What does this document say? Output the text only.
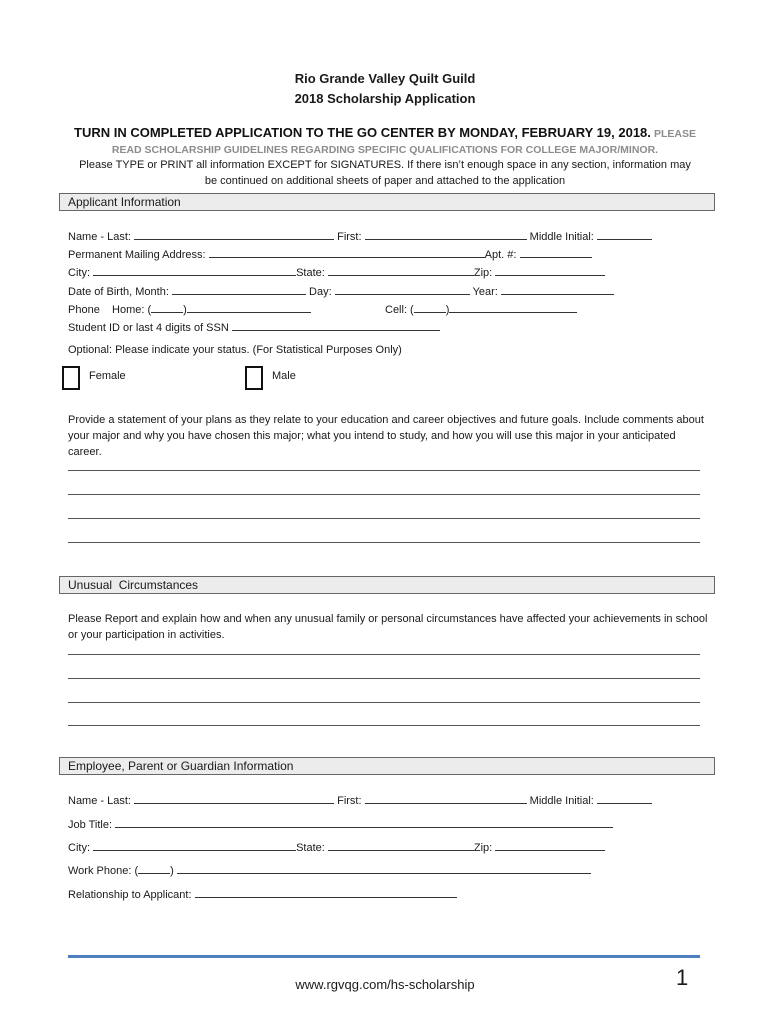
Rio Grande Valley Quilt Guild
2018 Scholarship Application
TURN IN COMPLETED APPLICATION TO THE GO CENTER BY MONDAY, FEBRUARY 19, 2018. PLEASE
READ SCHOLARSHIP GUIDELINES REGARDING SPECIFIC QUALIFICATIONS FOR COLLEGE MAJOR/MINOR.
Please TYPE or PRINT all information EXCEPT for SIGNATURES. If there isn’t enough space in any section, information may
be continued on additional sheets of paper and attached to the application
Applicant Information
Name - Last:	First:	Middle Initial:
Permanent Mailing Address:	Apt. #:
City:	State:	Zip:
Date of Birth, Month:	Day:	Year:
Phone    Home: (	)	Cell: (	)
Student ID or last 4 digits of SSN
Optional: Please indicate your status. (For Statistical Purposes Only)
Female	Male
Provide a statement of your plans as they relate to your education and career objectives and future goals. Include comments about your major and why you have chosen this major; what you intend to study, and how you will use this major in your anticipated career.
Unusual  Circumstances
Please Report and explain how and when any unusual family or personal circumstances have affected your achievements in school or your participation in activities.
Employee, Parent or Guardian Information
Name - Last:	First:	Middle Initial:
Job Title:
City:	State:	Zip:
Work Phone: (	)
Relationship to Applicant:
www.rgvqg.com/hs-scholarship	1
